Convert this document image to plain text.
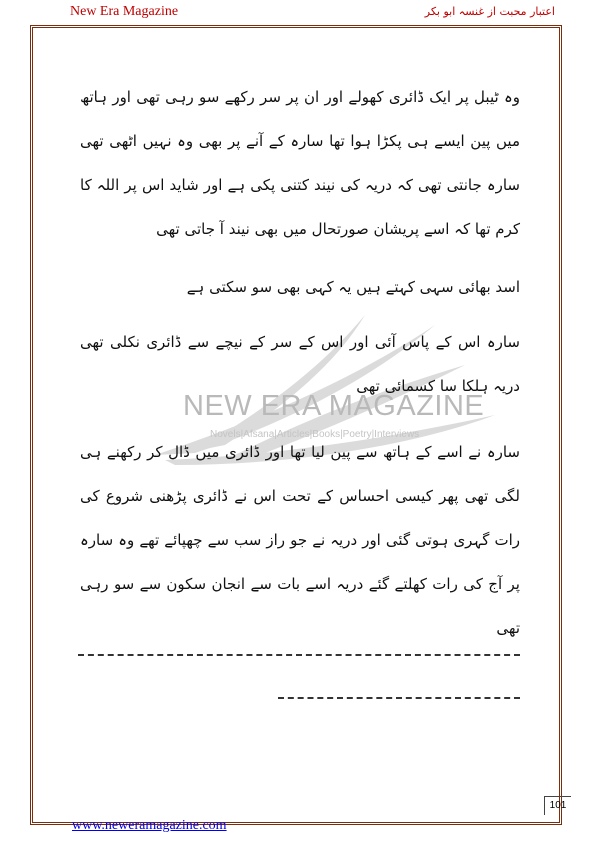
New Era Magazine	اعتبار محبت از غنسہ ابو بکر
NEW ERA MAGAZINE
Novels|Afsana|Articles|Books|Poetry|Interviews
وہ ٹیبل پر ایک ڈائری کھولے اور ان پر سر رکھے سو رہی تھی اور ہاتھ میں پین ایسے ہی پکڑا ہوا تھا سارہ کے آنے پر بھی وہ نہیں اٹھی تھی سارہ جانتی تھی کہ دریہ کی نیند کتنی پکی ہے اور شاید اس پر اللہ کا کرم تھا کہ اسے پریشان صورتحال میں بھی نیند آ جاتی تھی
اسد بھائی سہی کہتے ہیں یہ کہی بھی سو سکتی ہے
سارہ اس کے پاس آئی اور اس کے سر کے نیچے سے ڈائری نکلی تھی دریہ ہلکا سا کسمائی تھی
سارہ نے اسے کے ہاتھ سے پین لیا تھا اور ڈائری میں ڈال کر رکھنے ہی لگی تھی پھر کیسی احساس کے تحت اس نے ڈائری پڑھنی شروع کی رات گہری ہوتی گئی اور دریہ نے جو راز سب سے چھپائے تھے وہ سارہ پر آج کی رات کھلتے گئے دریہ اسے بات سے انجان سکون سے سو رہی تھی
101
www.neweramagazine.com
